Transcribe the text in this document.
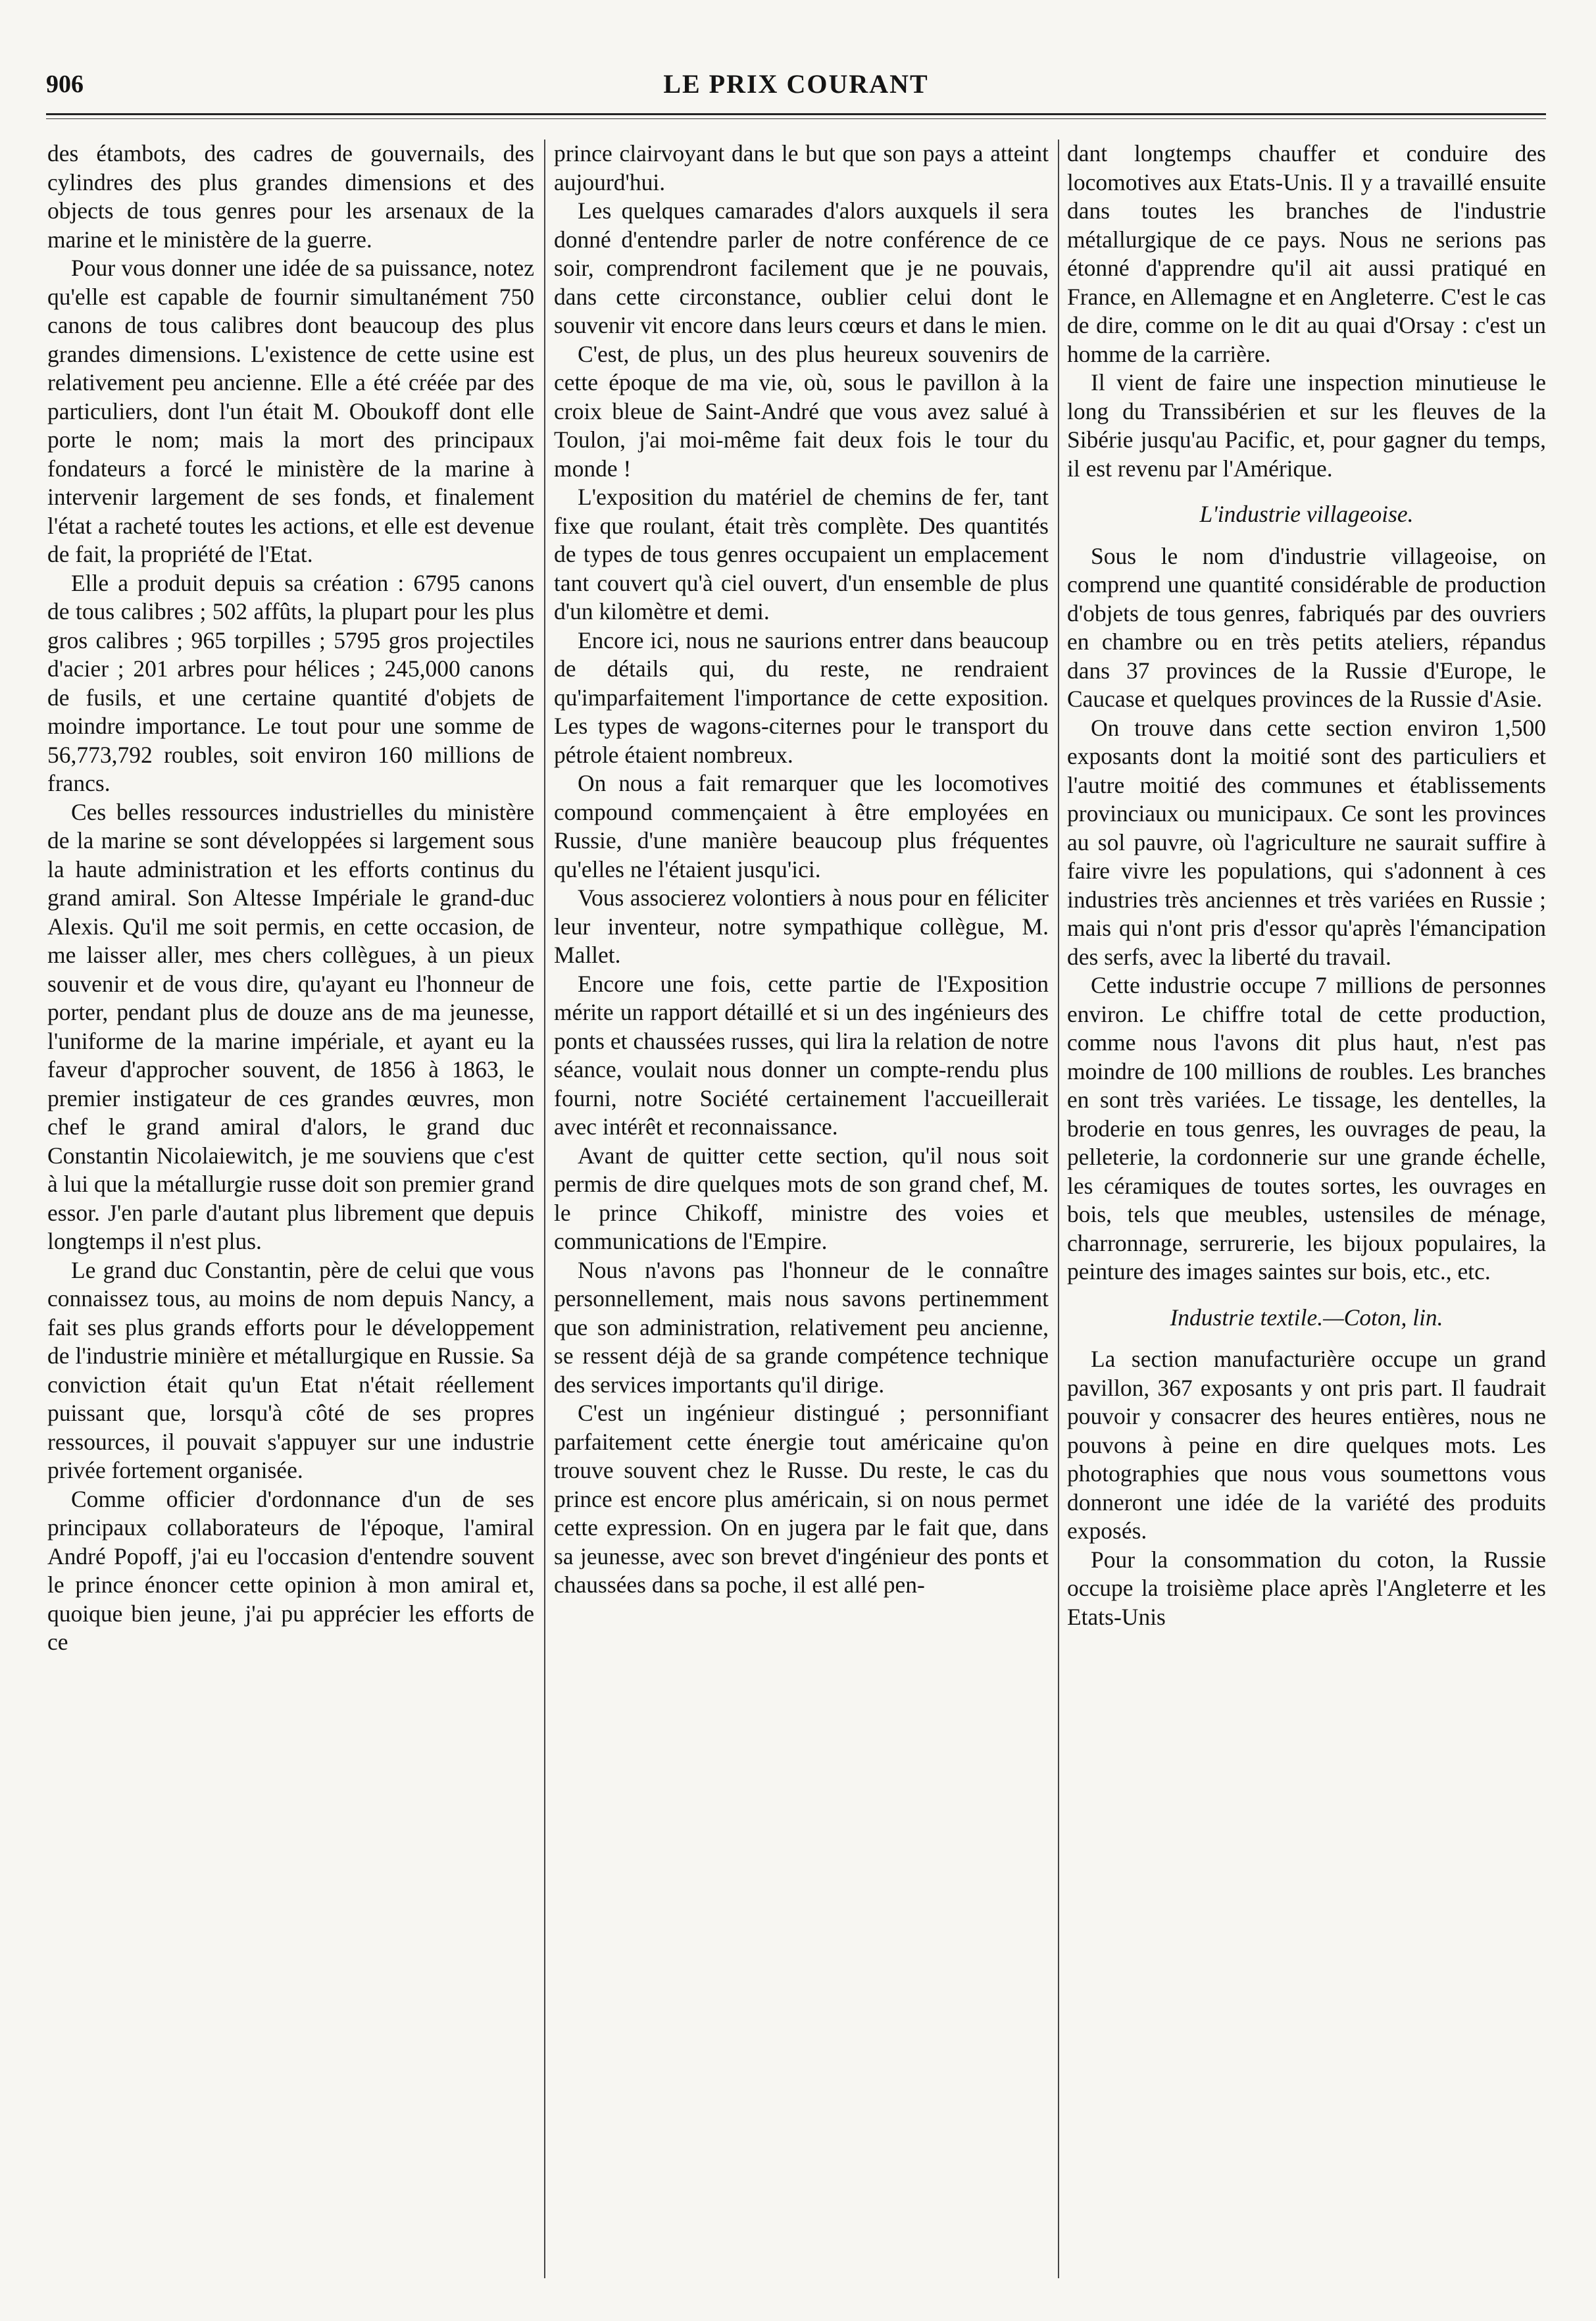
906	LE PRIX COURANT

des étambots, des cadres de gouvernails, des cylindres des plus grandes dimensions et des objects de tous genres pour les arsenaux de la marine et le ministère de la guerre.

Pour vous donner une idée de sa puissance, notez qu'elle est capable de fournir simultanément 750 canons de tous calibres dont beaucoup des plus grandes dimensions. L'existence de cette usine est relativement peu ancienne. Elle a été créée par des particuliers, dont l'un était M. Oboukoff dont elle porte le nom; mais la mort des principaux fondateurs a forcé le ministère de la marine à intervenir largement de ses fonds, et finalement l'état a racheté toutes les actions, et elle est devenue de fait, la propriété de l'Etat.

Elle a produit depuis sa création : 6795 canons de tous calibres ; 502 affûts, la plupart pour les plus gros calibres ; 965 torpilles ; 5795 gros projectiles d'acier ; 201 arbres pour hélices ; 245,000 canons de fusils, et une certaine quantité d'objets de moindre importance. Le tout pour une somme de 56,773,792 roubles, soit environ 160 millions de francs.

Ces belles ressources industrielles du ministère de la marine se sont développées si largement sous la haute administration et les efforts continus du grand amiral. Son Altesse Impériale le grand-duc Alexis. Qu'il me soit permis, en cette occasion, de me laisser aller, mes chers collègues, à un pieux souvenir et de vous dire, qu'ayant eu l'honneur de porter, pendant plus de douze ans de ma jeunesse, l'uniforme de la marine impériale, et ayant eu la faveur d'approcher souvent, de 1856 à 1863, le premier instigateur de ces grandes œuvres, mon chef le grand amiral d'alors, le grand duc Constantin Nicolaiewitch, je me souviens que c'est à lui que la métallurgie russe doit son premier grand essor. J'en parle d'autant plus librement que depuis longtemps il n'est plus.

Le grand duc Constantin, père de celui que vous connaissez tous, au moins de nom depuis Nancy, a fait ses plus grands efforts pour le développement de l'industrie minière et métallurgique en Russie. Sa conviction était qu'un Etat n'était réellement puissant que, lorsqu'à côté de ses propres ressources, il pouvait s'appuyer sur une industrie privée fortement organisée.

Comme officier d'ordonnance d'un de ses principaux collaborateurs de l'époque, l'amiral André Popoff, j'ai eu l'occasion d'entendre souvent le prince énoncer cette opinion à mon amiral et, quoique bien jeune, j'ai pu apprécier les efforts de ce

prince clairvoyant dans le but que son pays a atteint aujourd'hui.

Les quelques camarades d'alors auxquels il sera donné d'entendre parler de notre conférence de ce soir, comprendront facilement que je ne pouvais, dans cette circonstance, oublier celui dont le souvenir vit encore dans leurs cœurs et dans le mien.

C'est, de plus, un des plus heureux souvenirs de cette époque de ma vie, où, sous le pavillon à la croix bleue de Saint-André que vous avez salué à Toulon, j'ai moi-même fait deux fois le tour du monde !

L'exposition du matériel de chemins de fer, tant fixe que roulant, était très complète. Des quantités de types de tous genres occupaient un emplacement tant couvert qu'à ciel ouvert, d'un ensemble de plus d'un kilomètre et demi.

Encore ici, nous ne saurions entrer dans beaucoup de détails qui, du reste, ne rendraient qu'imparfaitement l'importance de cette exposition. Les types de wagons-citernes pour le transport du pétrole étaient nombreux.

On nous a fait remarquer que les locomotives compound commençaient à être employées en Russie, d'une manière beaucoup plus fréquentes qu'elles ne l'étaient jusqu'ici.

Vous associerez volontiers à nous pour en féliciter leur inventeur, notre sympathique collègue, M. Mallet.

Encore une fois, cette partie de l'Exposition mérite un rapport détaillé et si un des ingénieurs des ponts et chaussées russes, qui lira la relation de notre séance, voulait nous donner un compte-rendu plus fourni, notre Société certainement l'accueillerait avec intérêt et reconnaissance.

Avant de quitter cette section, qu'il nous soit permis de dire quelques mots de son grand chef, M. le prince Chikoff, ministre des voies et communications de l'Empire.

Nous n'avons pas l'honneur de le connaître personnellement, mais nous savons pertinemment que son administration, relativement peu ancienne, se ressent déjà de sa grande compétence technique des services importants qu'il dirige.

C'est un ingénieur distingué ; personnifiant parfaitement cette énergie tout américaine qu'on trouve souvent chez le Russe. Du reste, le cas du prince est encore plus américain, si on nous permet cette expression. On en jugera par le fait que, dans sa jeunesse, avec son brevet d'ingénieur des ponts et chaussées dans sa poche, il est allé pen-

dant longtemps chauffer et conduire des locomotives aux Etats-Unis. Il y a travaillé ensuite dans toutes les branches de l'industrie métallurgique de ce pays. Nous ne serions pas étonné d'apprendre qu'il ait aussi pratiqué en France, en Allemagne et en Angleterre. C'est le cas de dire, comme on le dit au quai d'Orsay : c'est un homme de la carrière.

Il vient de faire une inspection minutieuse le long du Transsibérien et sur les fleuves de la Sibérie jusqu'au Pacific, et, pour gagner du temps, il est revenu par l'Amérique.

L'industrie villageoise.

Sous le nom d'industrie villageoise, on comprend une quantité considérable de production d'objets de tous genres, fabriqués par des ouvriers en chambre ou en très petits ateliers, répandus dans 37 provinces de la Russie d'Europe, le Caucase et quelques provinces de la Russie d'Asie.

On trouve dans cette section environ 1,500 exposants dont la moitié sont des particuliers et l'autre moitié des communes et établissements provinciaux ou municipaux. Ce sont les provinces au sol pauvre, où l'agriculture ne saurait suffire à faire vivre les populations, qui s'adonnent à ces industries très anciennes et très variées en Russie ; mais qui n'ont pris d'essor qu'après l'émancipation des serfs, avec la liberté du travail.

Cette industrie occupe 7 millions de personnes environ. Le chiffre total de cette production, comme nous l'avons dit plus haut, n'est pas moindre de 100 millions de roubles. Les branches en sont très variées. Le tissage, les dentelles, la broderie en tous genres, les ouvrages de peau, la pelleterie, la cordonnerie sur une grande échelle, les céramiques de toutes sortes, les ouvrages en bois, tels que meubles, ustensiles de ménage, charronnage, serrurerie, les bijoux populaires, la peinture des images saintes sur bois, etc., etc.

Industrie textile.—Coton, lin.

La section manufacturière occupe un grand pavillon, 367 exposants y ont pris part. Il faudrait pouvoir y consacrer des heures entières, nous ne pouvons à peine en dire quelques mots. Les photographies que nous vous soumettons vous donneront une idée de la variété des produits exposés.

Pour la consommation du coton, la Russie occupe la troisième place après l'Angleterre et les Etats-Unis
